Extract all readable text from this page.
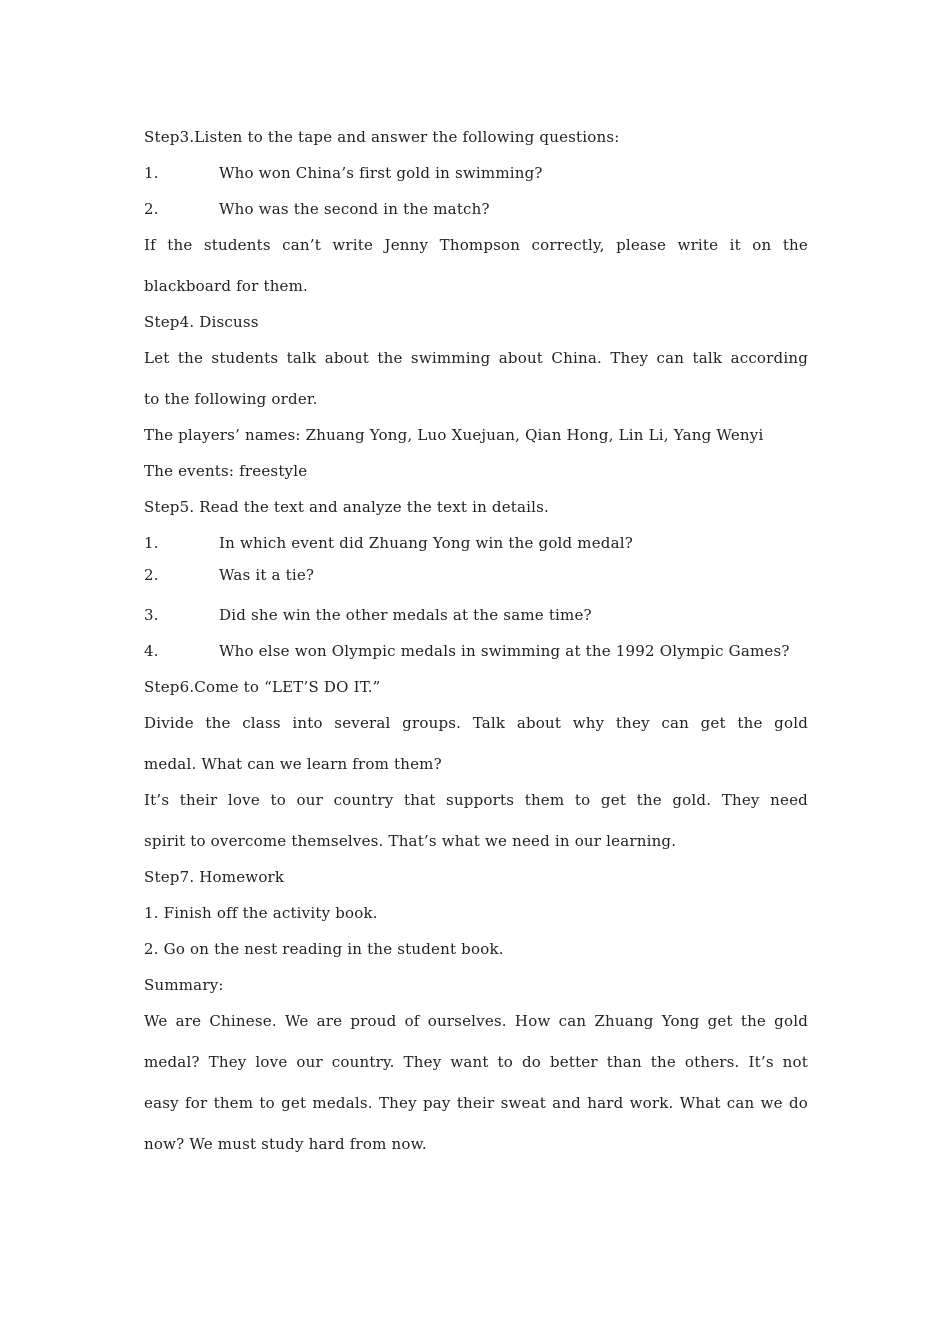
Step3.Listen to the tape and answer the following questions:
1.	Who won China’s first gold in swimming?
2.	Who was the second in the match?
If the students can’t write Jenny Thompson correctly, please write it on the
blackboard for them.
Step4. Discuss
Let the students talk about the swimming about China. They can talk according
to the following order.
The players’ names: Zhuang Yong, Luo Xuejuan, Qian Hong, Lin Li, Yang Wenyi
The events: freestyle
Step5. Read the text and analyze the text in details.
1.	In which event did Zhuang Yong win the gold medal?
2.	Was it a tie?
3.	Did she win the other medals at the same time?
4.	Who else won Olympic medals in swimming at the 1992 Olympic Games?
Step6.Come to “LET’S DO IT.”
Divide the class into several groups. Talk about why they can get the gold
medal. What can we learn from them?
It’s their love to our country that supports them to get the gold. They need
spirit to overcome themselves. That’s what we need in our learning.
Step7. Homework
1. Finish off the activity book.
2. Go on the nest reading in the student book.
Summary:
We are Chinese. We are proud of ourselves. How can Zhuang Yong get the gold
medal? They love our country. They want to do better than the others. It’s not
easy for them to get medals. They pay their sweat and hard work. What can we do
now? We must study hard from now.
